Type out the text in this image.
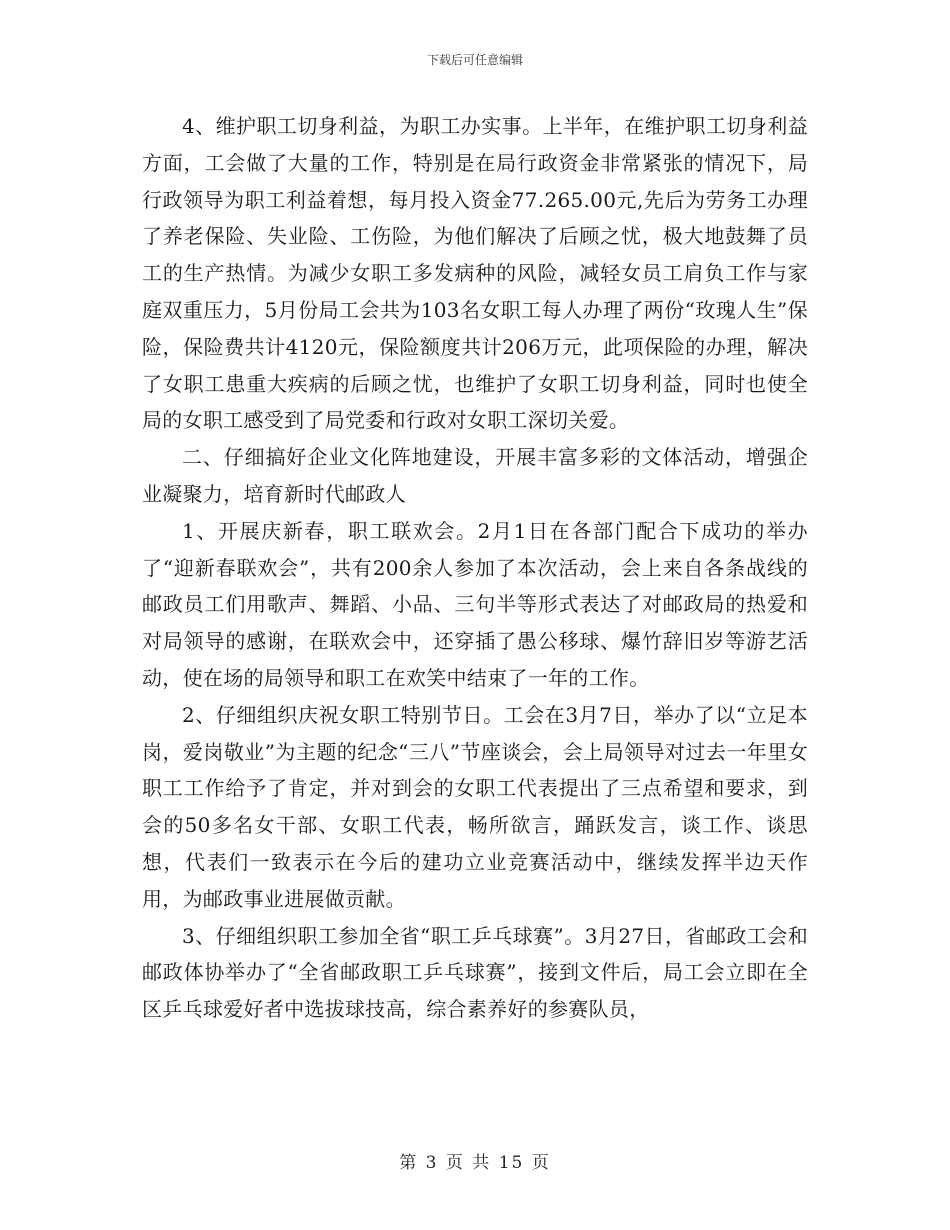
下载后可任意编辑

4、维护职工切身利益，为职工办实事。上半年，在维护职工切身利益方面，工会做了大量的工作，特别是在局行政资金非常紧张的情况下，局行政领导为职工利益着想，每月投入资金77.265.00元,先后为劳务工办理了养老保险、失业险、工伤险，为他们解决了后顾之忧，极大地鼓舞了员工的生产热情。为减少女职工多发病种的风险，减轻女员工肩负工作与家庭双重压力，5月份局工会共为103名女职工每人办理了两份“玫瑰人生”保险，保险费共计4120元，保险额度共计206万元，此项保险的办理，解决了女职工患重大疾病的后顾之忧，也维护了女职工切身利益，同时也使全局的女职工感受到了局党委和行政对女职工深切关爱。

二、仔细搞好企业文化阵地建设，开展丰富多彩的文体活动，增强企业凝聚力，培育新时代邮政人

1、开展庆新春，职工联欢会。2月1日在各部门配合下成功的举办了“迎新春联欢会”，共有200余人参加了本次活动，会上来自各条战线的邮政员工们用歌声、舞蹈、小品、三句半等形式表达了对邮政局的热爱和对局领导的感谢，在联欢会中，还穿插了愚公移球、爆竹辞旧岁等游艺活动，使在场的局领导和职工在欢笑中结束了一年的工作。

2、仔细组织庆祝女职工特别节日。工会在3月7日，举办了以“立足本岗，爱岗敬业”为主题的纪念“三八”节座谈会，会上局领导对过去一年里女职工工作给予了肯定，并对到会的女职工代表提出了三点希望和要求，到会的50多名女干部、女职工代表，畅所欲言，踊跃发言，谈工作、谈思想，代表们一致表示在今后的建功立业竞赛活动中，继续发挥半边天作用，为邮政事业进展做贡献。

3、仔细组织职工参加全省“职工乒乓球赛”。3月27日，省邮政工会和邮政体协举办了“全省邮政职工乒乓球赛”，接到文件后，局工会立即在全区乒乓球爱好者中选拔球技高，综合素养好的参赛队员，

第 3 页 共 15 页
